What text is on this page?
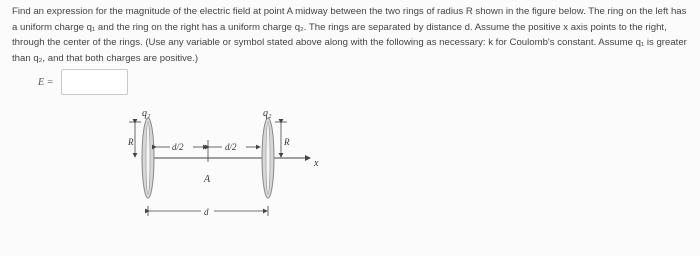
Find an expression for the magnitude of the electric field at point A midway between the two rings of radius R shown in the figure below. The ring on the left has a uniform charge q₁ and the ring on the right has a uniform charge q₂. The rings are separated by distance d. Assume the positive x axis points to the right, through the center of the rings. (Use any variable or symbol stated above along with the following as necessary: k for Coulomb's constant. Assume q₁ is greater than q₂, and that both charges are positive.)

E =
x
q₁	q₂
R	R
d/2	d/2
A
d
